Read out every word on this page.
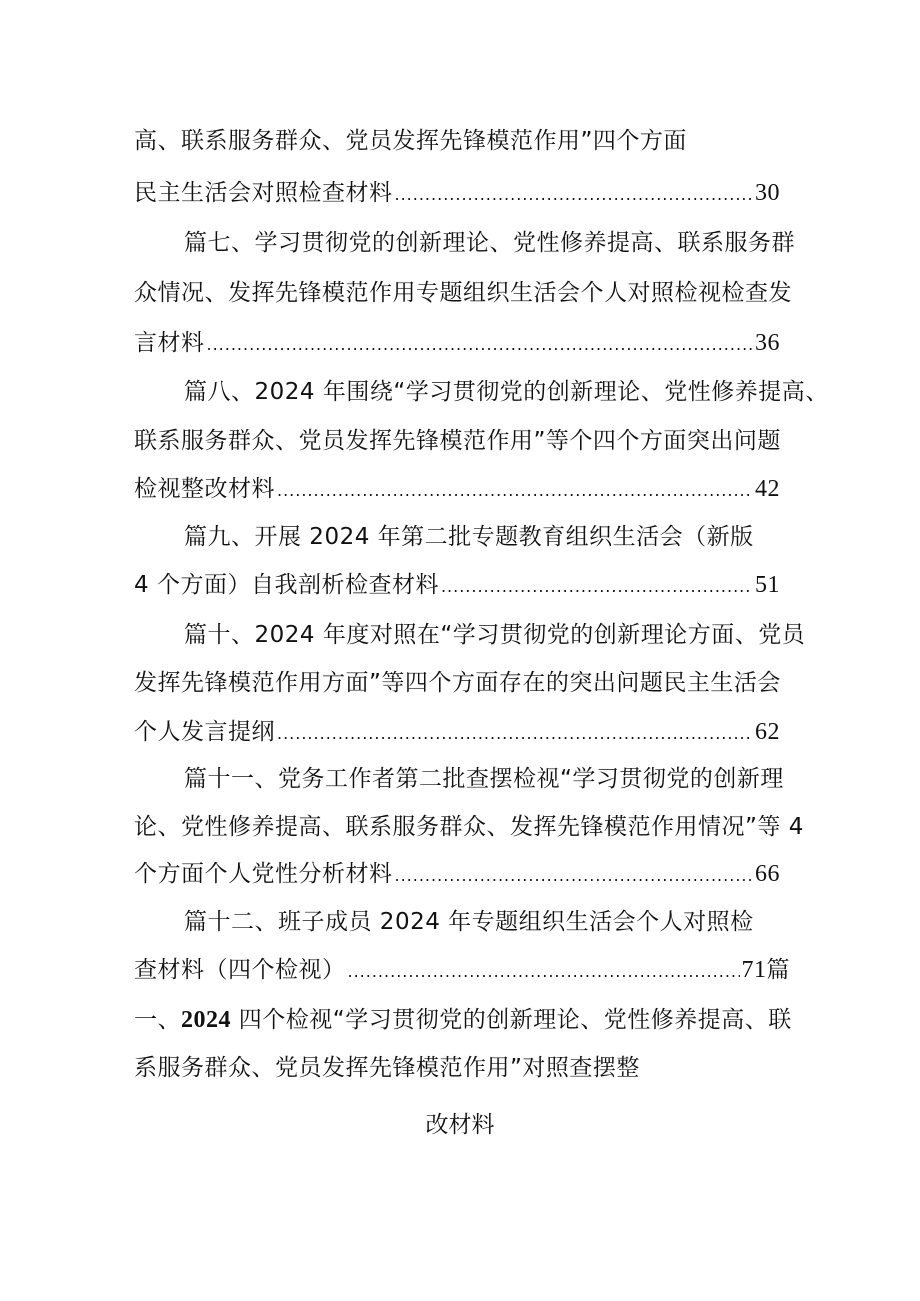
高、联系服务群众、党员发挥先锋模范作用”四个方面
民主生活会对照检查材料 .....	30
篇七、学习贯彻党的创新理论、党性修养提高、联系服务群
众情况、发挥先锋模范作用专题组织生活会个人对照检视检查发
言材料 .....	36
篇八、2024 年围绕“学习贯彻党的创新理论、党性修养提高、
联系服务群众、党员发挥先锋模范作用”等个四个方面突出问题
检视整改材料 .....	42
篇九、开展 2024 年第二批专题教育组织生活会（新版
4 个方面）自我剖析检查材料 .....	51
篇十、2024 年度对照在“学习贯彻党的创新理论方面、党员
发挥先锋模范作用方面”等四个方面存在的突出问题民主生活会
个人发言提纲 .....	62
篇十一、党务工作者第二批查摆检视“学习贯彻党的创新理
论、党性修养提高、联系服务群众、发挥先锋模范作用情况”等 4
个方面个人党性分析材料 .....	66
篇十二、班子成员 2024 年专题组织生活会个人对照检
查材料（四个检视） .....	71 篇
一、2024 四个检视“学习贯彻党的创新理论、党性修养提高、联
系服务群众、党员发挥先锋模范作用”对照查摆整
改材料
